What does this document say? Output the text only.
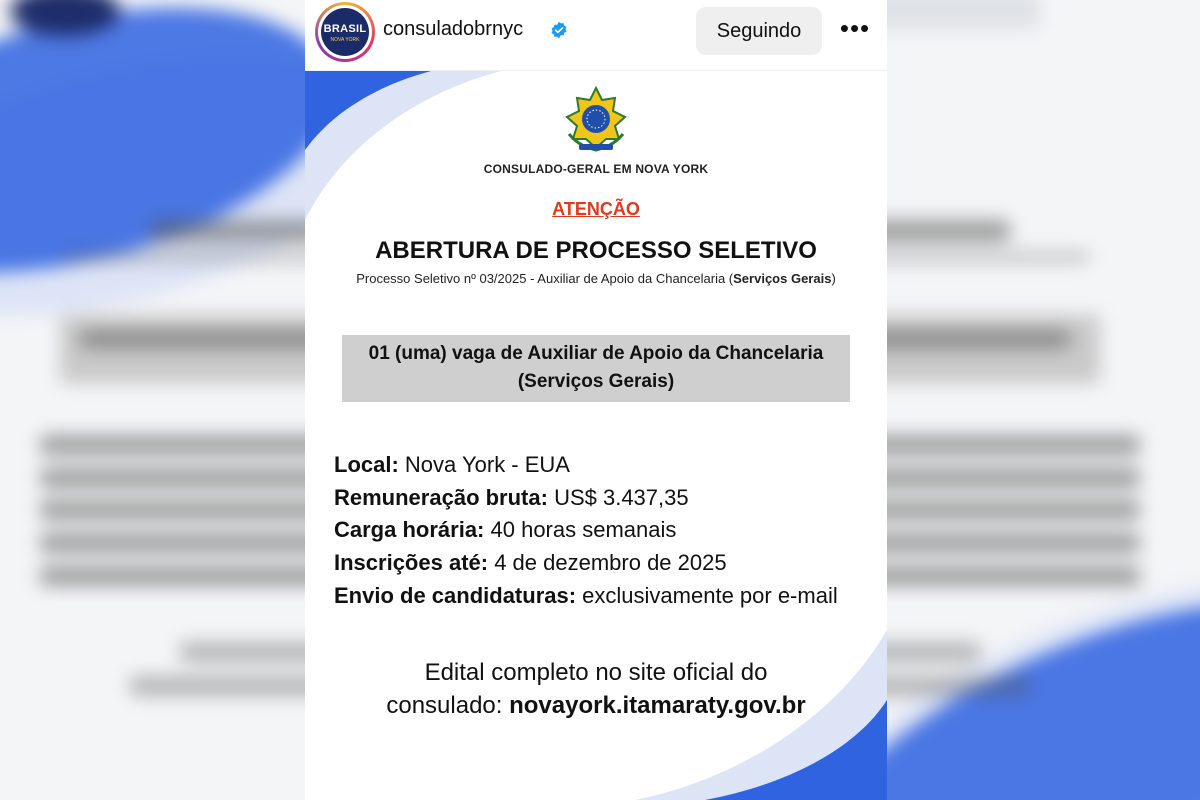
BRASIL
NOVA YORK	consuladobrnyc	Seguindo	•••
CONSULADO-GERAL EM NOVA YORK
ATENÇÃO
ABERTURA DE PROCESSO SELETIVO
Processo Seletivo nº 03/2025 - Auxiliar de Apoio da Chancelaria (Serviços Gerais)
01 (uma) vaga de Auxiliar de Apoio da Chancelaria
(Serviços Gerais)
Local: Nova York - EUA
Remuneração bruta: US$ 3.437,35
Carga horária: 40 horas semanais
Inscrições até: 4 de dezembro de 2025
Envio de candidaturas: exclusivamente por e-mail
Edital completo no site oficial do
consulado: novayork.itamaraty.gov.br
